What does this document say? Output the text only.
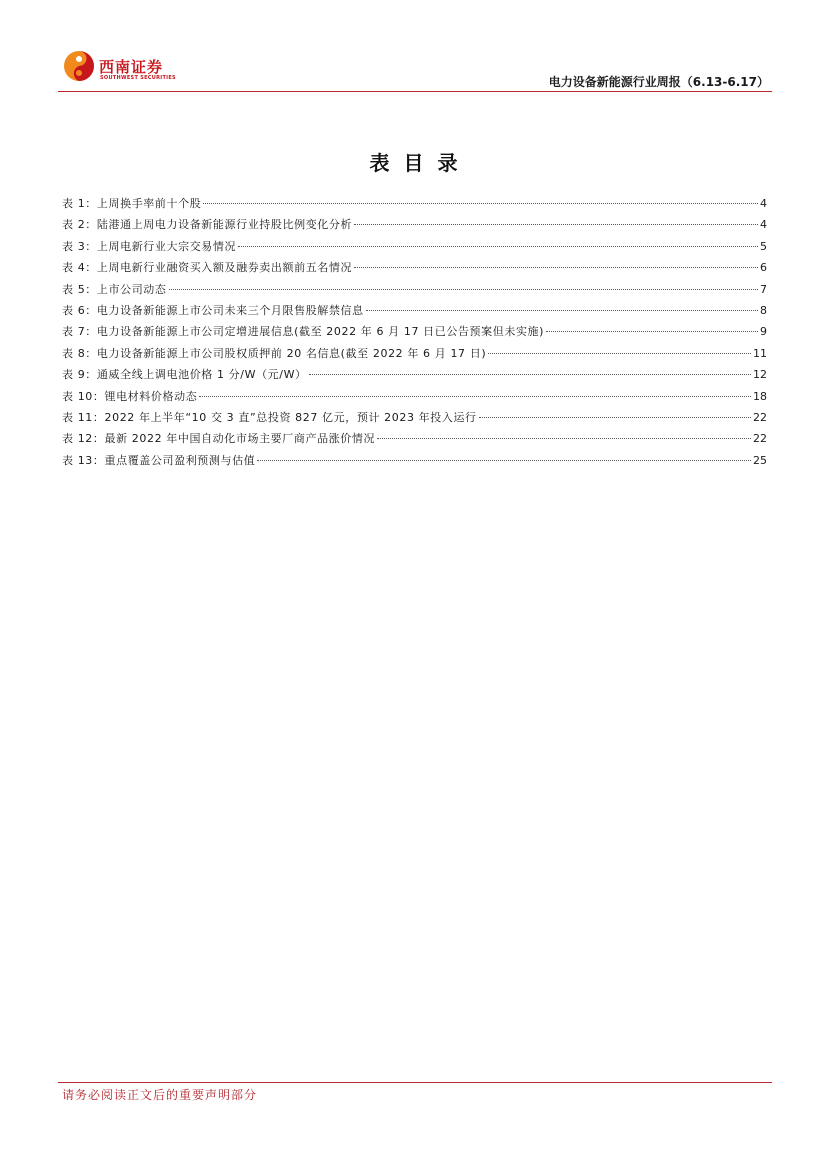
西南证券
SOUTHWEST SECURITIES	电力设备新能源行业周报（6.13-6.17）
表目录
表 1：上周换手率前十个股	4
表 2：陆港通上周电力设备新能源行业持股比例变化分析	4
表 3：上周电新行业大宗交易情况	5
表 4：上周电新行业融资买入额及融券卖出额前五名情况	6
表 5：上市公司动态	7
表 6：电力设备新能源上市公司未来三个月限售股解禁信息	8
表 7：电力设备新能源上市公司定增进展信息(截至 2022 年 6 月 17 日已公告预案但未实施)	9
表 8：电力设备新能源上市公司股权质押前 20 名信息(截至 2022 年 6 月 17 日)	11
表 9：通威全线上调电池价格 1 分/W（元/W）	12
表 10：锂电材料价格动态	18
表 11：2022 年上半年“10 交 3 直”总投资 827 亿元，预计 2023 年投入运行	22
表 12：最新 2022 年中国自动化市场主要厂商产品涨价情况	22
表 13：重点覆盖公司盈利预测与估值	25
请务必阅读正文后的重要声明部分
